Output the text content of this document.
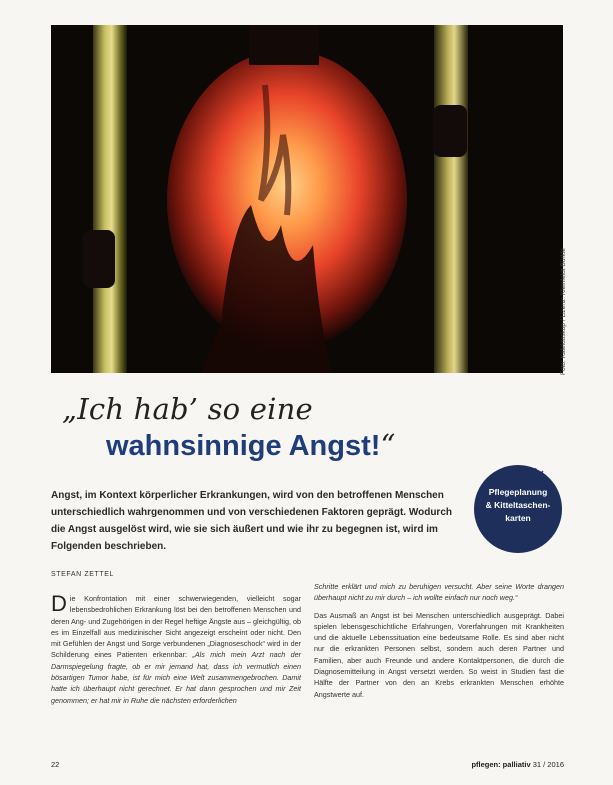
Foto: Kaleidoskop / Lizenz: Kleinfeldt Bürkle
„Ich hab’ so eine
wahnsinnige Angst!“
Pflegeplanung
& Kitteltaschen-
karten
Angst, im Kontext körperlicher Erkrankungen, wird von den betroffenen Menschen unterschiedlich wahrgenommen und von verschiedenen Faktoren geprägt. Wodurch die Angst ausgelöst wird, wie sie sich äußert und wie ihr zu begegnen ist, wird im Folgenden beschrieben.
STEFAN ZETTEL

Die Konfrontation mit einer schwerwiegenden, vielleicht sogar lebensbedrohlichen Erkrankung löst bei den betroffenen Menschen und deren Ang- und Zugehörigen in der Regel heftige Ängste aus – gleichgültig, ob es im Einzelfall aus medizinischer Sicht angezeigt erscheint oder nicht. Den mit Gefühlen der Angst und Sorge verbundenen „Diagnoseschock“ wird in der Schilderung eines Patienten erkennbar: „Als mich mein Arzt nach der Darmspiegelung fragte, ob er mir jemand hat, dass ich vermutlich einen bösartigen Tumor habe, ist für mich eine Welt zusammengebrochen. Damit hatte ich überhaupt nicht gerechnet. Er hat dann gesprochen und mir Zeit genommen; er hat mir in Ruhe die nächsten erforderlichen

Schritte erklärt und mich zu beruhigen versucht. Aber seine Worte drangen überhaupt nicht zu mir durch – ich wollte einfach nur noch weg.“

Das Ausmaß an Angst ist bei Menschen unterschiedlich ausgeprägt. Dabei spielen lebensgeschichtliche Erfahrungen, Vorerfahrungen mit Krankheiten und die aktuelle Lebenssituation eine bedeutsame Rolle. Es sind aber nicht nur die erkrankten Personen selbst, sondern auch deren Partner und Familien, aber auch Freunde und andere Kontaktpersonen, die durch die Diagnosemitteilung in Angst versetzt werden. So weist in Studien fast die Hälfte der Partner von den an Krebs erkrankten Menschen erhöhte Angstwerte auf.

22	pflegen: palliativ 31 / 2016
